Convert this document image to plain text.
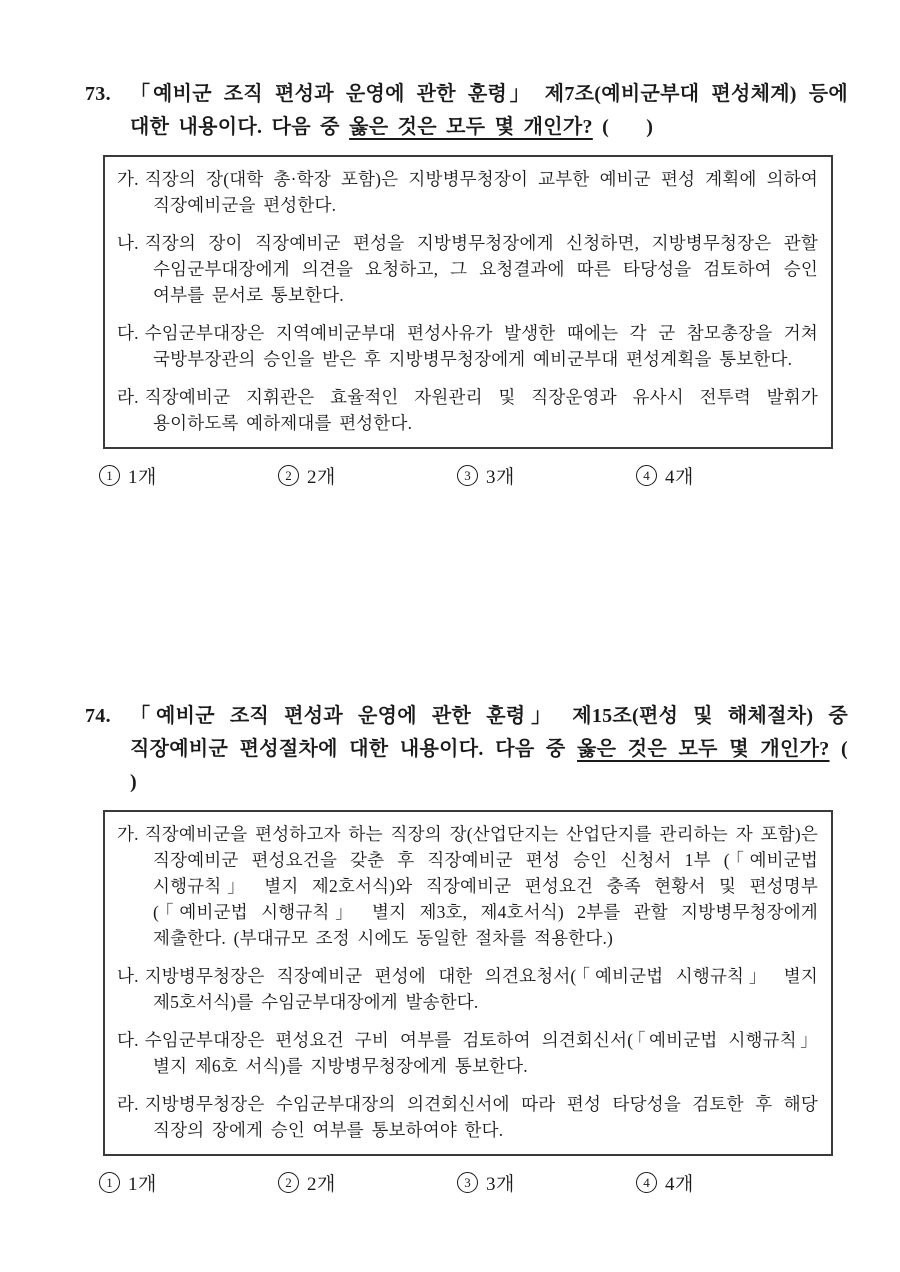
73. 「예비군 조직 편성과 운영에 관한 훈령」 제7조(예비군부대 편성체계) 등에 대한 내용이다. 다음 중 옳은 것은 모두 몇 개인가? (    )

가. 직장의 장(대학 총·학장 포함)은 지방병무청장이 교부한 예비군 편성 계획에 의하여 직장예비군을 편성한다.

나. 직장의 장이 직장예비군 편성을 지방병무청장에게 신청하면, 지방병무청장은 관할 수임군부대장에게 의견을 요청하고, 그 요청결과에 따른 타당성을 검토하여 승인 여부를 문서로 통보한다.

다. 수임군부대장은 지역예비군부대 편성사유가 발생한 때에는 각 군 참모총장을 거쳐 국방부장관의 승인을 받은 후 지방병무청장에게 예비군부대 편성계획을 통보한다.

라. 직장예비군 지휘관은 효율적인 자원관리 및 직장운영과 유사시 전투력 발휘가 용이하도록 예하제대를 편성한다.

1 1개	2 2개	3 3개	4 4개
74. 「예비군 조직 편성과 운영에 관한 훈령」 제15조(편성 및 해체절차) 중 직장예비군 편성절차에 대한 내용이다. 다음 중 옳은 것은 모두 몇 개인가? (    )

가. 직장예비군을 편성하고자 하는 직장의 장(산업단지는 산업단지를 관리하는 자 포함)은 직장예비군 편성요건을 갖춘 후 직장예비군 편성 승인 신청서 1부 (「예비군법 시행규칙」 별지 제2호서식)와 직장예비군 편성요건 충족 현황서 및 편성명부 (「예비군법 시행규칙」 별지 제3호, 제4호서식) 2부를 관할 지방병무청장에게 제출한다. (부대규모 조정 시에도 동일한 절차를 적용한다.)

나. 지방병무청장은 직장예비군 편성에 대한 의견요청서(「예비군법 시행규칙」 별지 제5호서식)를 수임군부대장에게 발송한다.

다. 수임군부대장은 편성요건 구비 여부를 검토하여 의견회신서(「예비군법 시행규칙」 별지 제6호 서식)를 지방병무청장에게 통보한다.

라. 지방병무청장은 수임군부대장의 의견회신서에 따라 편성 타당성을 검토한 후 해당 직장의 장에게 승인 여부를 통보하여야 한다.

1 1개	2 2개	3 3개	4 4개
